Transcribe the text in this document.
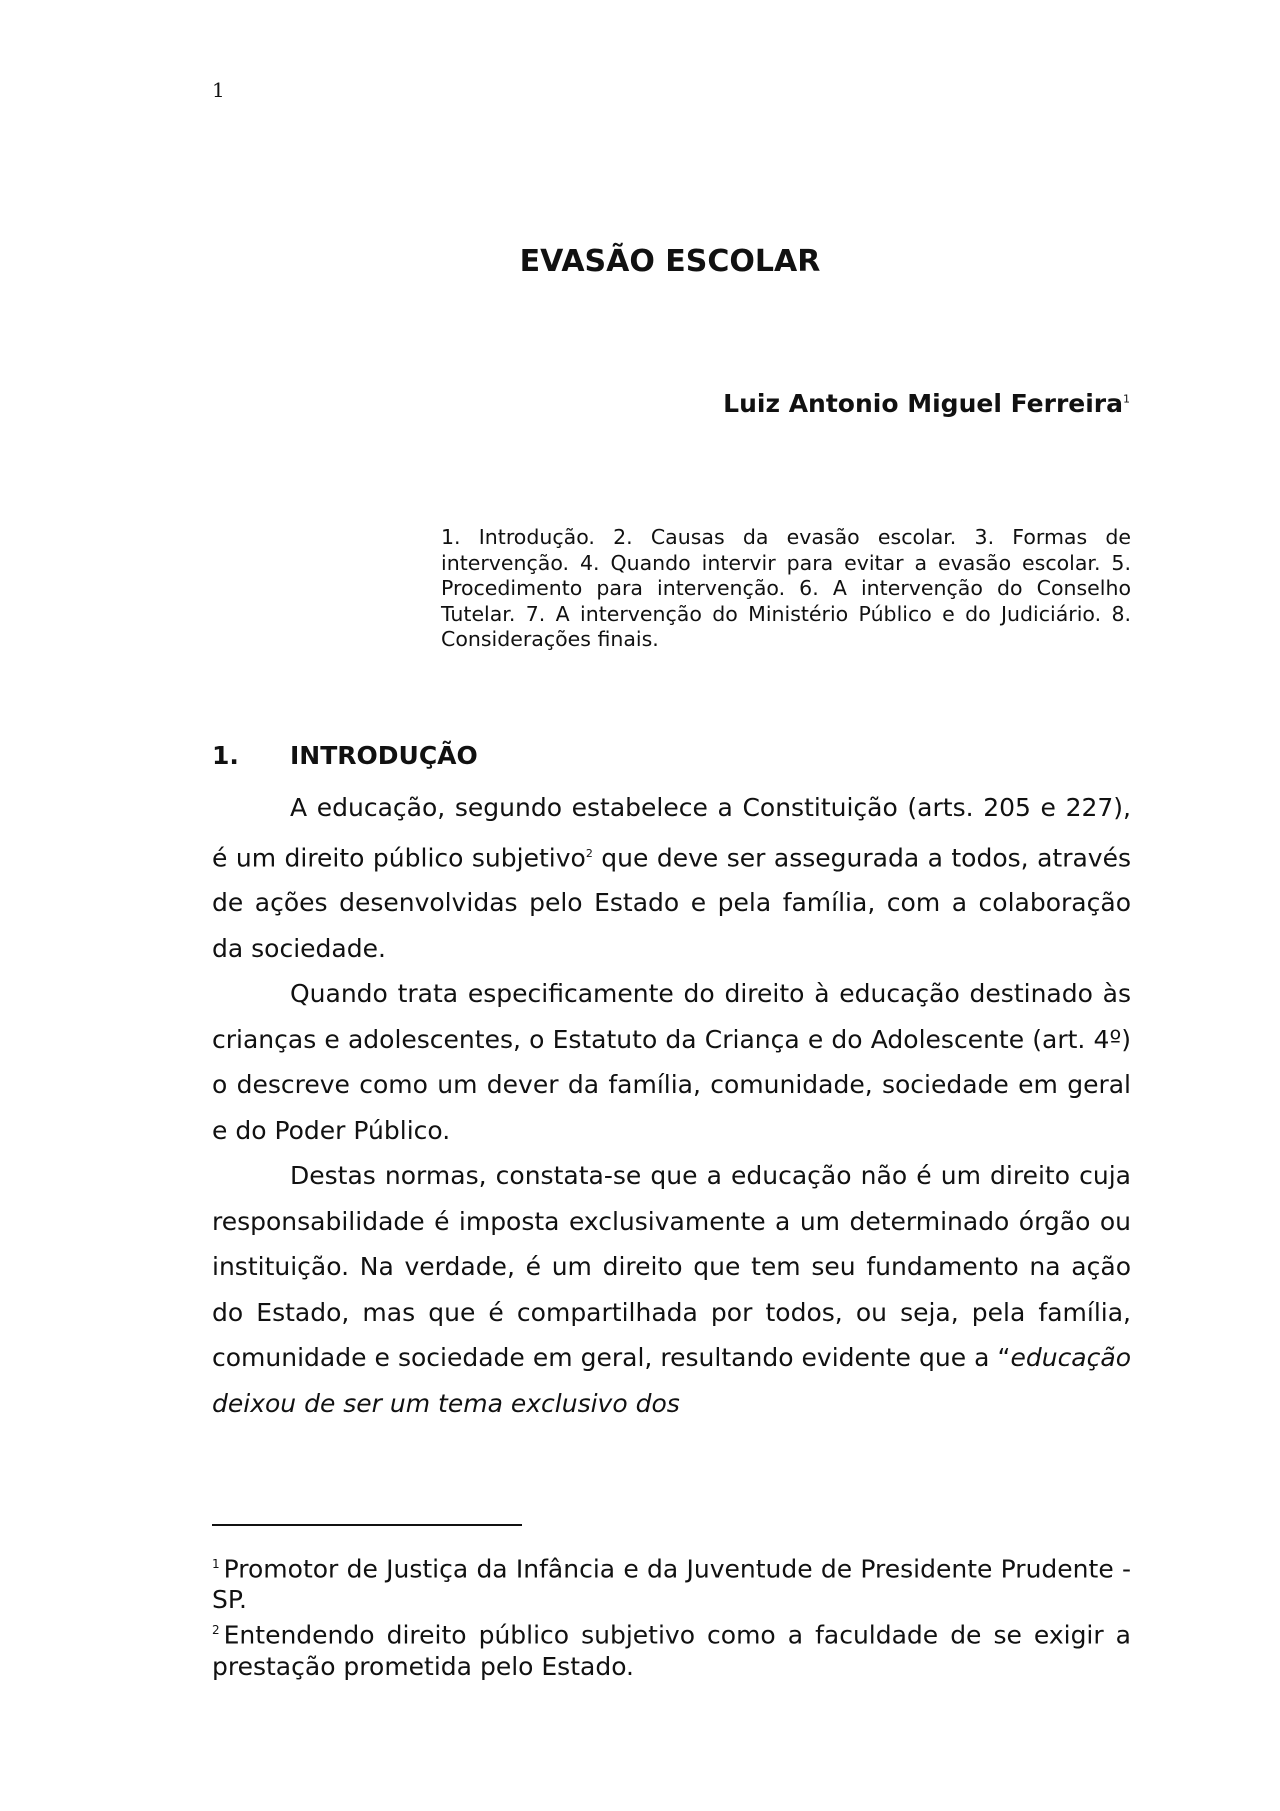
1
EVASÃO ESCOLAR
Luiz Antonio Miguel Ferreira$^1$

1. Introdução. 2. Causas da evasão escolar. 3. Formas de intervenção. 4. Quando intervir para evitar a evasão escolar. 5. Procedimento para intervenção. 6. A intervenção do Conselho Tutelar. 7. A intervenção do Ministério Público e do Judiciário. 8. Considerações finais.

1. INTRODUÇÃO

A educação, segundo estabelece a Constituição (arts. 205 e 227), é um direito público subjetivo$^2$ que deve ser assegurada a todos, através de ações desenvolvidas pelo Estado e pela família, com a colaboração da sociedade.

Quando trata especificamente do direito à educação destinado às crianças e adolescentes, o Estatuto da Criança e do Adolescente (art. 4º) o descreve como um dever da família, comunidade, sociedade em geral e do Poder Público.

Destas normas, constata-se que a educação não é um direito cuja responsabilidade é imposta exclusivamente a um determinado órgão ou instituição. Na verdade, é um direito que tem seu fundamento na ação do Estado, mas que é compartilhada por todos, ou seja, pela família, comunidade e sociedade em geral, resultando evidente que a “educação deixou de ser um tema exclusivo dos

$^1$ Promotor de Justiça da Infância e da Juventude de Presidente Prudente - SP.

$^2$ Entendendo direito público subjetivo como a faculdade de se exigir a prestação prometida pelo Estado.
